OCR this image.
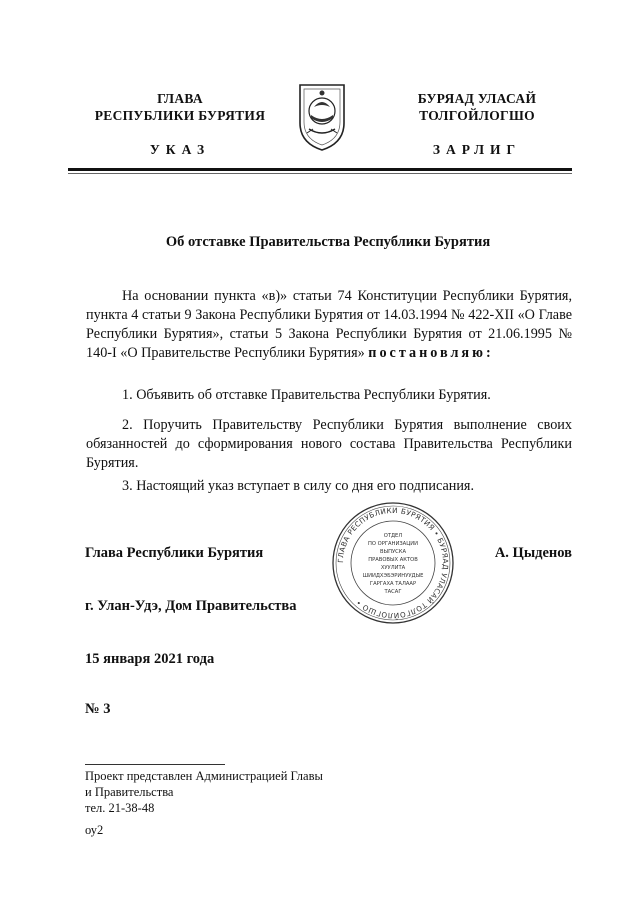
ГЛАВА
РЕСПУБЛИКИ БУРЯТИЯ
УКАЗ
БУРЯАД УЛАСАЙ
ТОЛГОЙЛОГШО
ЗАРЛИГ
Об отставке Правительства Республики Бурятия
На основании пункта «в)» статьи 74 Конституции Республики Бурятия, пункта 4 статьи 9 Закона Республики Бурятия от 14.03.1994 № 422-XII «О Главе Республики Бурятия», статьи 5 Закона Республики Бурятия от 21.06.1995 № 140-I «О Правительстве Республики Бурятия» постановляю:
1. Объявить об отставке Правительства Республики Бурятия.
2. Поручить Правительству Республики Бурятия выполнение своих обязанностей до сформирования нового состава Правительства Республики Бурятия.
3. Настоящий указ вступает в силу со дня его подписания.
ГЛАВА РЕСПУБЛИКИ БУРЯТИЯ • БУРЯАД УЛАСАЙ ТОЛГОЙЛОГШО •
ОТДЕЛ
ПО ОРГАНИЗАЦИИ
ВЫПУСКА
ПРАВОВЫХ АКТОВ
ХУУЛИТА
ШИИДХЭБЭРИНУУДЫЕ
ГАРГАХА ТАЛААР
ТАСАГ
Глава Республики Бурятия	А. Цыденов
г. Улан-Удэ, Дом Правительства
15 января 2021 года
№ 3
Проект представлен Администрацией Главы
и Правительства
тел. 21-38-48
оу2
